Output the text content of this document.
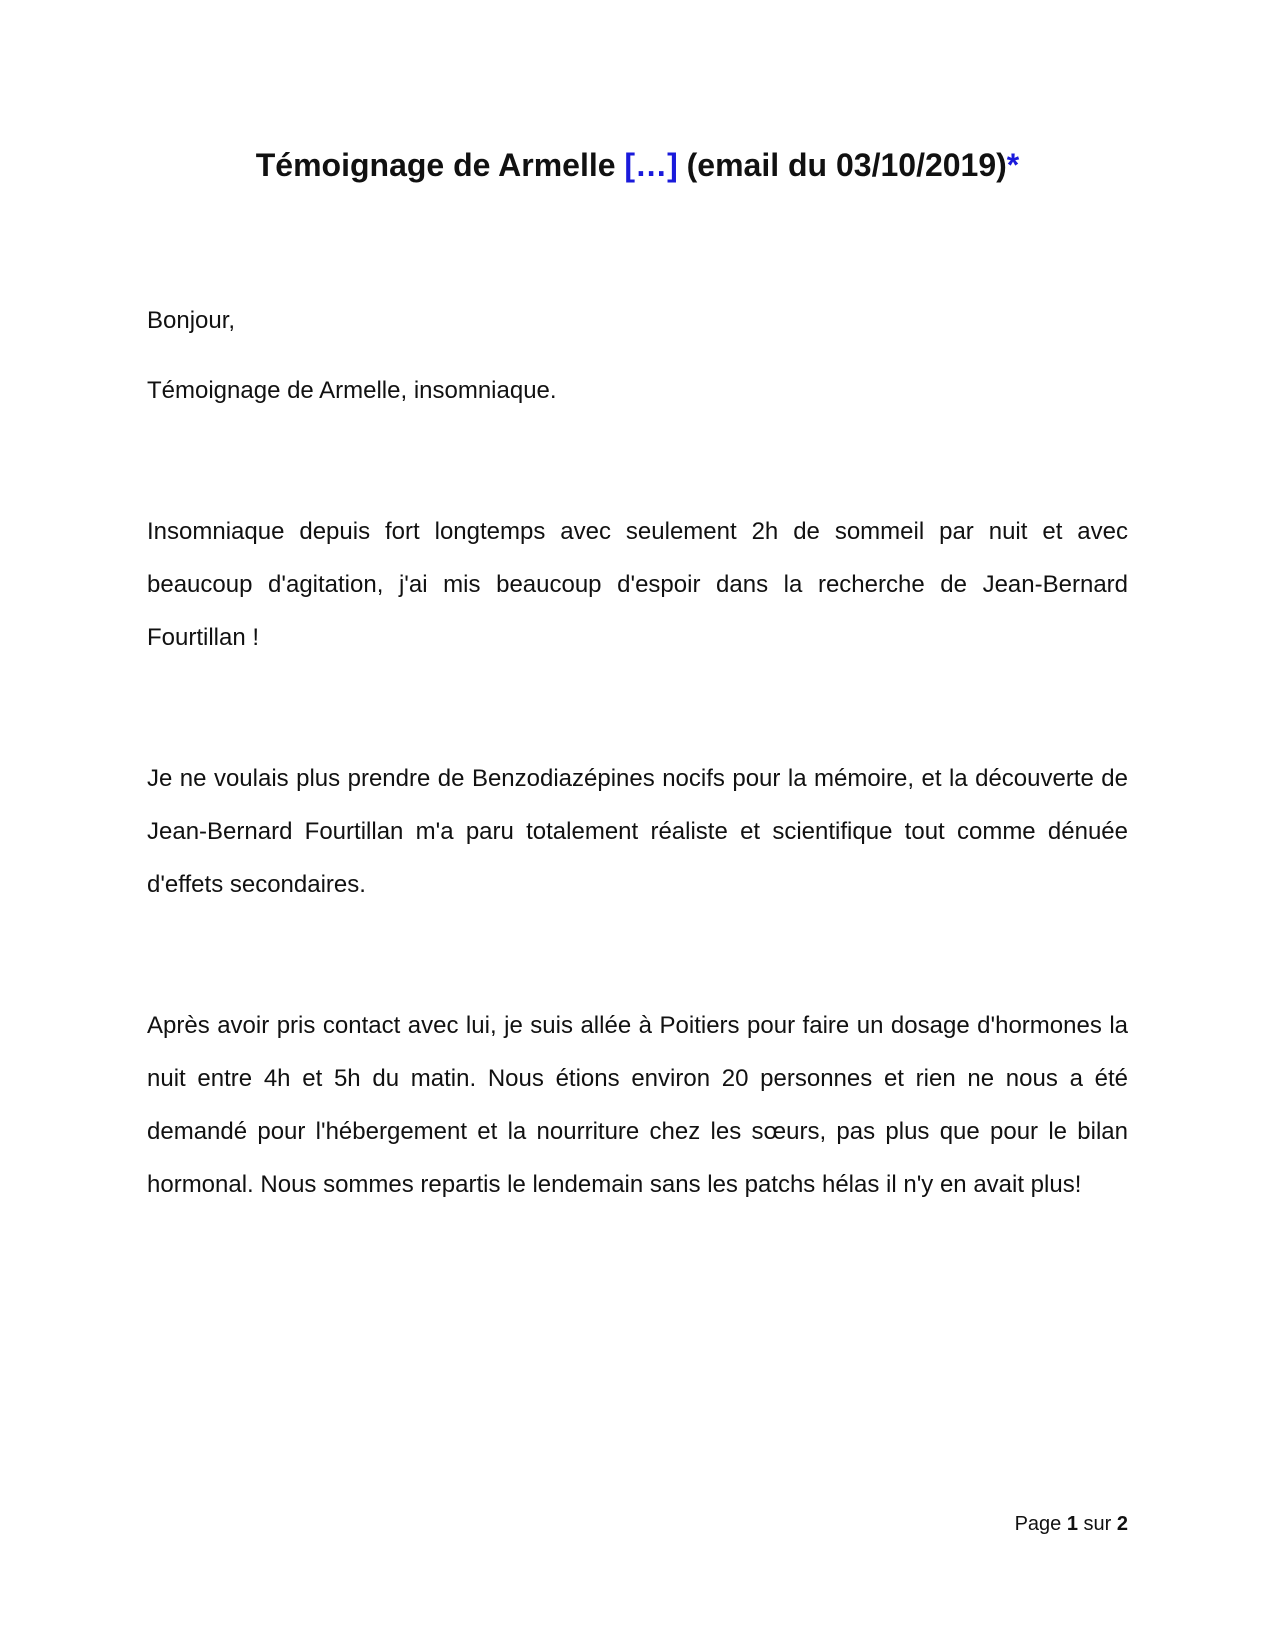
Témoignage de Armelle […] (email du 03/10/2019)*
Bonjour,
Témoignage de Armelle, insomniaque.
Insomniaque depuis fort longtemps avec seulement 2h de sommeil par nuit et avec beaucoup d'agitation, j'ai mis beaucoup d'espoir dans la recherche de Jean-Bernard Fourtillan !
Je ne voulais plus prendre de Benzodiazépines nocifs pour la mémoire, et la découverte de Jean-Bernard Fourtillan m'a paru totalement réaliste et scientifique tout comme dénuée d'effets secondaires.
Après avoir pris contact avec lui, je suis allée à Poitiers pour faire un dosage d'hormones la nuit entre 4h et 5h du matin. Nous étions environ 20 personnes et rien ne nous a été demandé pour l'hébergement et la nourriture chez les sœurs, pas plus que pour le bilan hormonal. Nous sommes repartis le lendemain sans les patchs hélas il n'y en avait plus!
Page 1 sur 2
